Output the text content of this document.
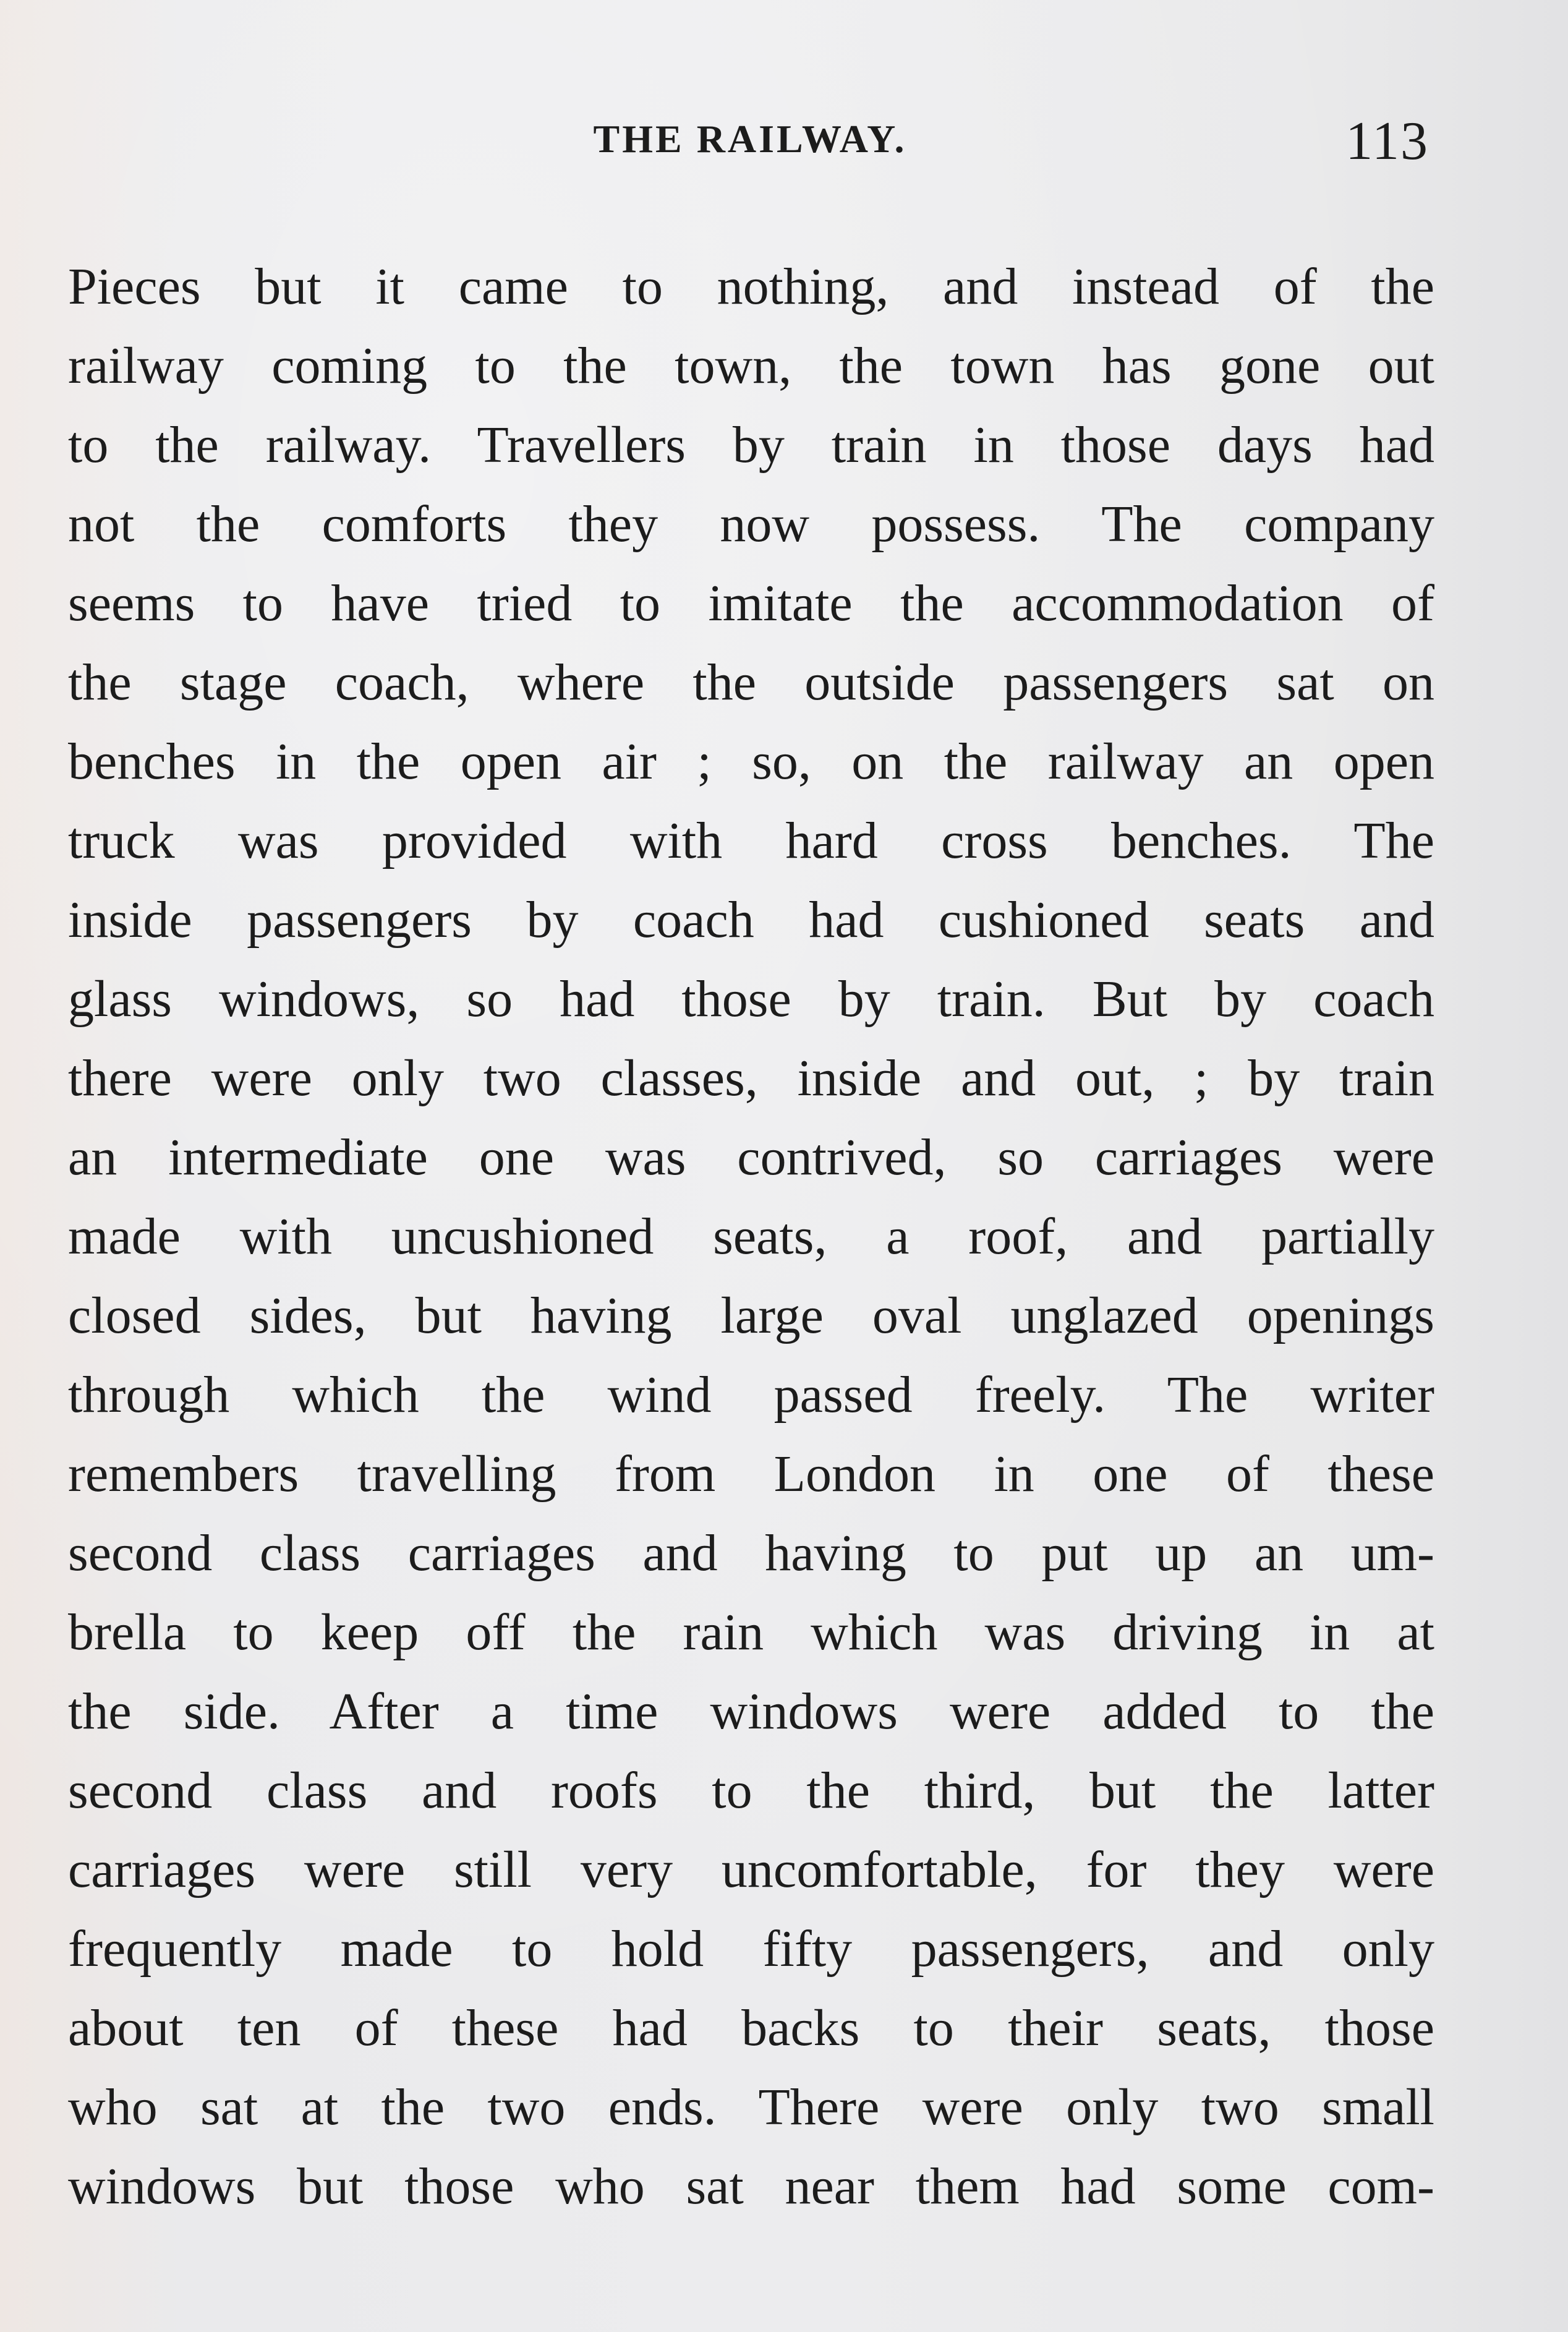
THE RAILWAY.	113
Pieces but it came to nothing, and instead of the
railway coming to the town, the town has gone out
to the railway. Travellers by train in those days had
not the comforts they now possess. The company
seems to have tried to imitate the accommodation of
the stage coach, where the outside passengers sat on
benches in the open air ; so, on the railway an open
truck was provided with hard cross benches. The
inside passengers by coach had cushioned seats and
glass windows, so had those by train. But by coach
there were only two classes, inside and out, ; by train
an intermediate one was contrived, so carriages were
made with uncushioned seats, a roof, and partially
closed sides, but having large oval unglazed openings
through which the wind passed freely. The writer
remembers travelling from London in one of these
second class carriages and having to put up an um-
brella to keep off the rain which was driving in at
the side. After a time windows were added to the
second class and roofs to the third, but the latter
carriages were still very uncomfortable, for they were
frequently made to hold fifty passengers, and only
about ten of these had backs to their seats, those
who sat at the two ends. There were only two small
windows but those who sat near them had some com-
